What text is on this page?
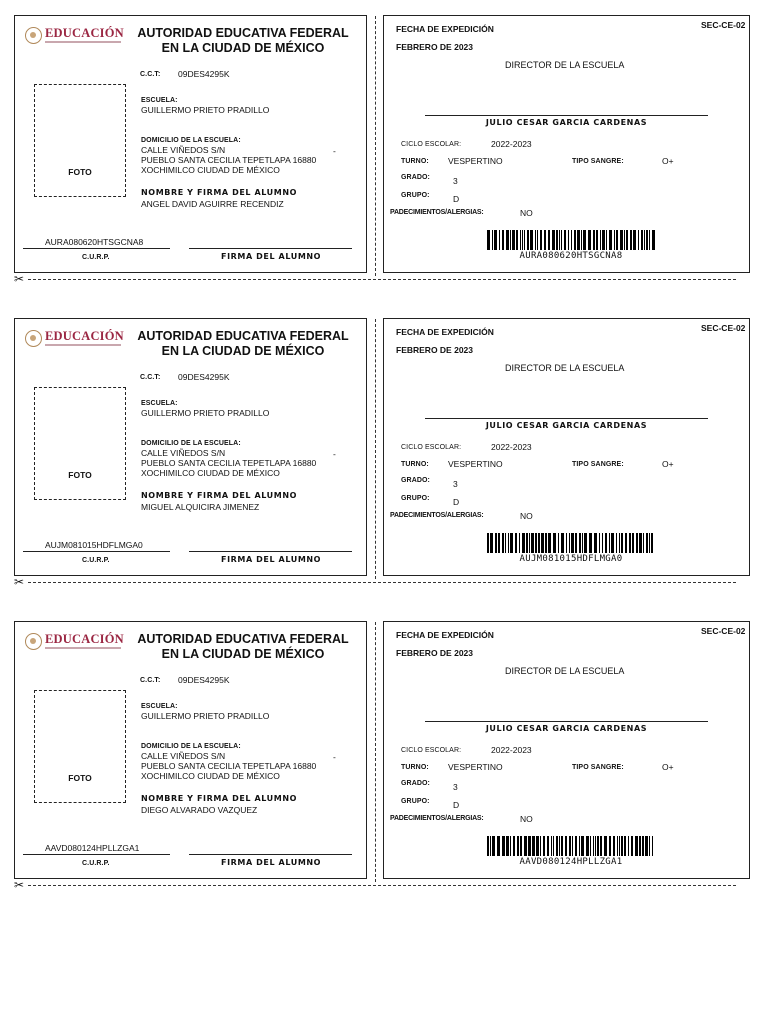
EDUCACIÓN	AUTORIDAD EDUCATIVA FEDERAL
EN LA CIUDAD DE MÉXICO
C.C.T: 09DES4295K
FOTO
ESCUELA:
GUILLERMO PRIETO PRADILLO
DOMICILIO DE LA ESCUELA:
CALLE VIÑEDOS S/N
PUEBLO SANTA CECILIA TEPETLAPA 16880
XOCHIMILCO CIUDAD DE MÉXICO
-
NOMBRE Y FIRMA DEL ALUMNO
ANGEL DAVID AGUIRRE RECENDIZ
AURA080620HTSGCNA8
C.U.R.P.	FIRMA DEL ALUMNO
FECHA DE EXPEDICIÓN	SEC-CE-02
FEBRERO DE 2023
DIRECTOR DE LA ESCUELA
JULIO CESAR GARCIA CARDENAS
CICLO ESCOLAR:	2022-2023
TURNO: VESPERTINO	TIPO SANGRE:	O+
GRADO:	3
GRUPO:	D
PADECIMIENTOS/ALERGIAS:	NO
AURA080620HTSGCNA8
✂
EDUCACIÓN	AUTORIDAD EDUCATIVA FEDERAL
EN LA CIUDAD DE MÉXICO
C.C.T: 09DES4295K
FOTO
ESCUELA:
GUILLERMO PRIETO PRADILLO
DOMICILIO DE LA ESCUELA:
CALLE VIÑEDOS S/N
PUEBLO SANTA CECILIA TEPETLAPA 16880
XOCHIMILCO CIUDAD DE MÉXICO
-
NOMBRE Y FIRMA DEL ALUMNO
MIGUEL ALQUICIRA JIMENEZ
AUJM081015HDFLMGA0
C.U.R.P.	FIRMA DEL ALUMNO
FECHA DE EXPEDICIÓN	SEC-CE-02
FEBRERO DE 2023
DIRECTOR DE LA ESCUELA
JULIO CESAR GARCIA CARDENAS
CICLO ESCOLAR:	2022-2023
TURNO: VESPERTINO	TIPO SANGRE:	O+
GRADO:	3
GRUPO:	D
PADECIMIENTOS/ALERGIAS:	NO
AUJM081015HDFLMGA0
✂
EDUCACIÓN	AUTORIDAD EDUCATIVA FEDERAL
EN LA CIUDAD DE MÉXICO
C.C.T: 09DES4295K
FOTO
ESCUELA:
GUILLERMO PRIETO PRADILLO
DOMICILIO DE LA ESCUELA:
CALLE VIÑEDOS S/N
PUEBLO SANTA CECILIA TEPETLAPA 16880
XOCHIMILCO CIUDAD DE MÉXICO
-
NOMBRE Y FIRMA DEL ALUMNO
DIEGO ALVARADO VAZQUEZ
AAVD080124HPLLZGA1
C.U.R.P.	FIRMA DEL ALUMNO
FECHA DE EXPEDICIÓN	SEC-CE-02
FEBRERO DE 2023
DIRECTOR DE LA ESCUELA
JULIO CESAR GARCIA CARDENAS
CICLO ESCOLAR:	2022-2023
TURNO: VESPERTINO	TIPO SANGRE:	O+
GRADO:	3
GRUPO:	D
PADECIMIENTOS/ALERGIAS:	NO
AAVD080124HPLLZGA1
✂
